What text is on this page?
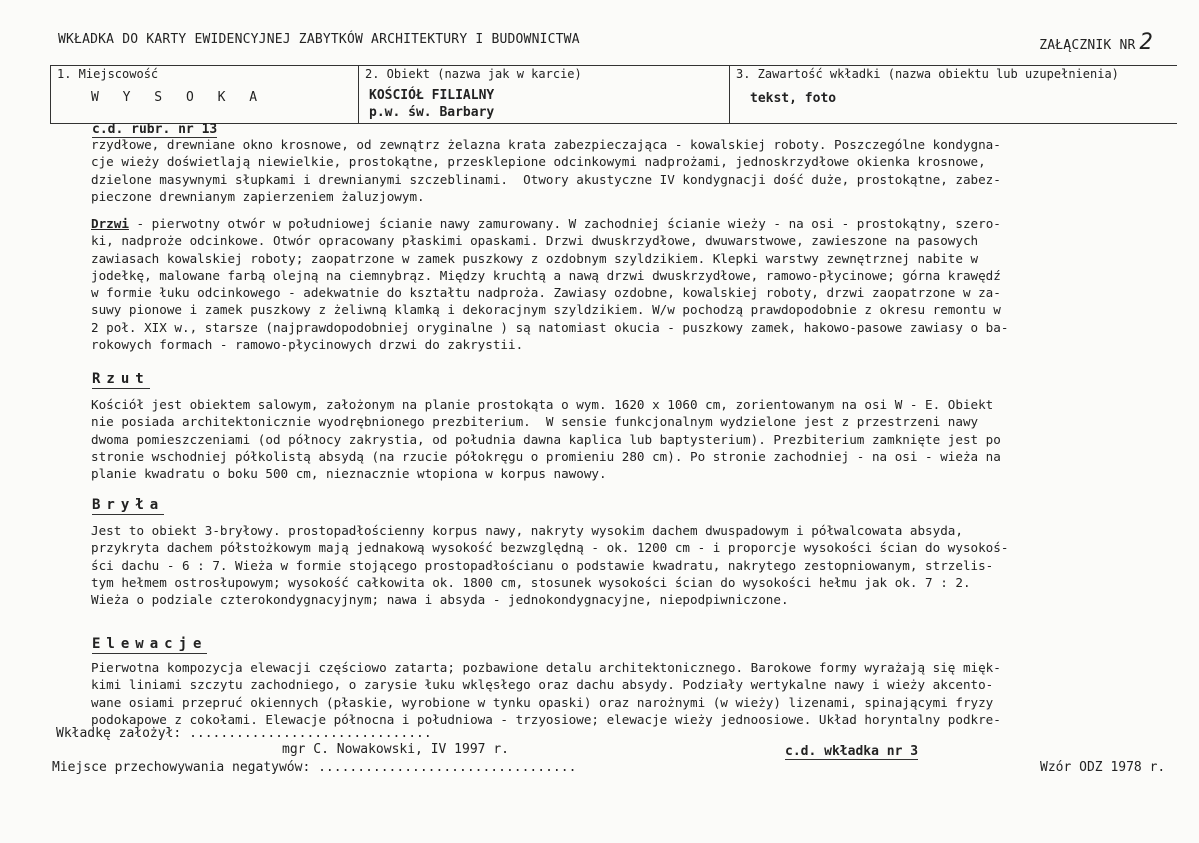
WKŁADKA DO KARTY EWIDENCYJNEJ ZABYTKÓW ARCHITEKTURY I BUDOWNICTWA	ZAŁĄCZNIK NR 2
1. Miejscowość
W Y S O K A
2. Obiekt (nazwa jak w karcie)
KOŚCIÓŁ FILIALNY
p.w. św. Barbary
3. Zawartość wkładki (nazwa obiektu lub uzupełnienia)
tekst, foto
c.d. rubr. nr 13
rzydłowe, drewniane okno krosnowe, od zewnątrz żelazna krata zabezpieczająca - kowalskiej roboty. Poszczególne kondygna-
cje wieży doświetlają niewielkie, prostokątne, przesklepione odcinkowymi nadprożami, jednoskrzydłowe okienka krosnowe,
dzielone masywnymi słupkami i drewnianymi szczeblinami.  Otwory akustyczne IV kondygnacji dość duże, prostokątne, zabez-
pieczone drewnianym zapierzeniem żaluzjowym.
Drzwi - pierwotny otwór w południowej ścianie nawy zamurowany. W zachodniej ścianie wieży - na osi - prostokątny, szero-
ki, nadproże odcinkowe. Otwór opracowany płaskimi opaskami. Drzwi dwuskrzydłowe, dwuwarstwowe, zawieszone na pasowych
zawiasach kowalskiej roboty; zaopatrzone w zamek puszkowy z ozdobnym szyldzikiem. Klepki warstwy zewnętrznej nabite w
jodełkę, malowane farbą olejną na ciemnybrąz. Między kruchtą a nawą drzwi dwuskrzydłowe, ramowo-płycinowe; górna krawędź
w formie łuku odcinkowego - adekwatnie do kształtu nadproża. Zawiasy ozdobne, kowalskiej roboty, drzwi zaopatrzone w za-
suwy pionowe i zamek puszkowy z żeliwną klamką i dekoracjnym szyldzikiem. W/w pochodzą prawdopodobnie z okresu remontu w
2 poł. XIX w., starsze (najprawdopodobniej oryginalne ) są natomiast okucia - puszkowy zamek, hakowo-pasowe zawiasy o ba-
rokowych formach - ramowo-płycinowych drzwi do zakrystii.
Rzut
Kościół jest obiektem salowym, założonym na planie prostokąta o wym. 1620 x 1060 cm, zorientowanym na osi W - E. Obiekt
nie posiada architektonicznie wyodrębnionego prezbiterium.  W sensie funkcjonalnym wydzielone jest z przestrzeni nawy
dwoma pomieszczeniami (od północy zakrystia, od południa dawna kaplica lub baptysterium). Prezbiterium zamknięte jest po
stronie wschodniej półkolistą absydą (na rzucie półokręgu o promieniu 280 cm). Po stronie zachodniej - na osi - wieża na
planie kwadratu o boku 500 cm, nieznacznie wtopiona w korpus nawowy.
Bryła
Jest to obiekt 3-bryłowy. prostopadłościenny korpus nawy, nakryty wysokim dachem dwuspadowym i półwalcowata absyda,
przykryta dachem półstożkowym mają jednakową wysokość bezwzględną - ok. 1200 cm - i proporcje wysokości ścian do wysokoś-
ści dachu - 6 : 7. Wieża w formie stojącego prostopadłościanu o podstawie kwadratu, nakrytego zestopniowanym, strzelis-
tym hełmem ostrosłupowym; wysokość całkowita ok. 1800 cm, stosunek wysokości ścian do wysokości hełmu jak ok. 7 : 2.
Wieża o podziale czterokondygnacyjnym; nawa i absyda - jednokondygnacyjne, niepodpiwniczone.
Elewacje
Pierwotna kompozycja elewacji częściowo zatarta; pozbawione detalu architektonicznego. Barokowe formy wyrażają się mięk-
kimi liniami szczytu zachodniego, o zarysie łuku wklęsłego oraz dachu absydy. Podziały wertykalne nawy i wieży akcento-
wane osiami przepruć okiennych (płaskie, wyrobione w tynku opaski) oraz narożnymi (w wieży) lizenami, spinającymi fryzy
podokapowe z cokołami. Elewacje północna i południowa - trzyosiowe; elewacje wieży jednoosiowe. Układ horyntalny podkre-
Wkładkę założył: ...............................
mgr C. Nowakowski, IV 1997 r.	c.d. wkładka nr 3
Miejsce przechowywania negatywów: .................................	Wzór ODZ 1978 r.
